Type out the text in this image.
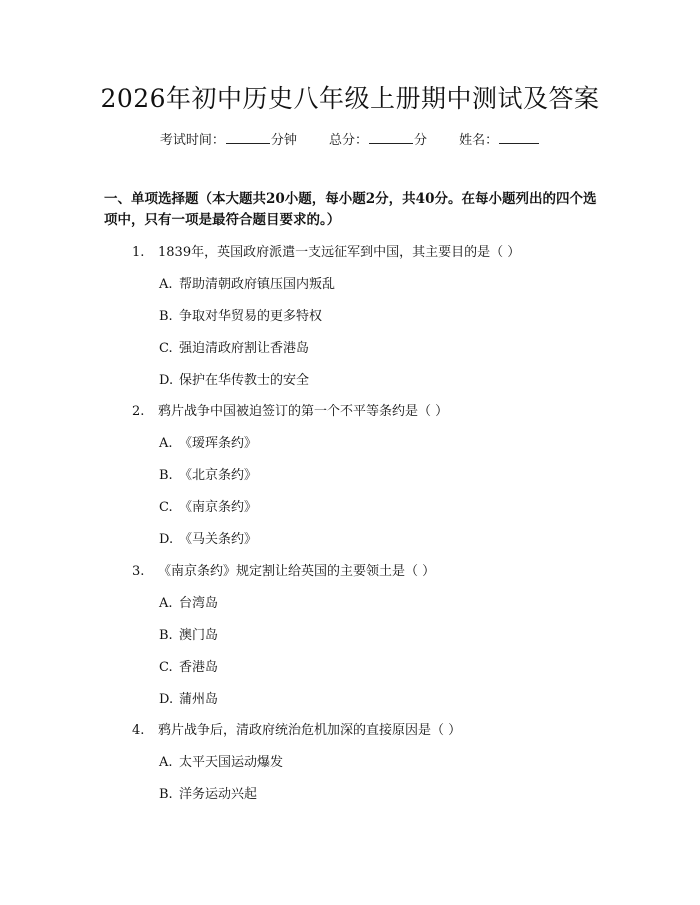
2026年初中历史八年级上册期中测试及答案
考试时间：	分钟 总分：	分 姓名：
一、单项选择题（本大题共20小题，每小题2分，共40分。在每小题列出的四个选项中，只有一项是最符合题目要求的。）
1. 1839年，英国政府派遣一支远征军到中国，其主要目的是（ ）
A. 帮助清朝政府镇压国内叛乱
B. 争取对华贸易的更多特权
C. 强迫清政府割让香港岛
D. 保护在华传教士的安全
2. 鸦片战争中国被迫签订的第一个不平等条约是（ ）
A. 《瑷珲条约》
B. 《北京条约》
C. 《南京条约》
D. 《马关条约》
3. 《南京条约》规定割让给英国的主要领土是（ ）
A. 台湾岛
B. 澳门岛
C. 香港岛
D. 蒲州岛
4. 鸦片战争后，清政府统治危机加深的直接原因是（ ）
A. 太平天国运动爆发
B. 洋务运动兴起
